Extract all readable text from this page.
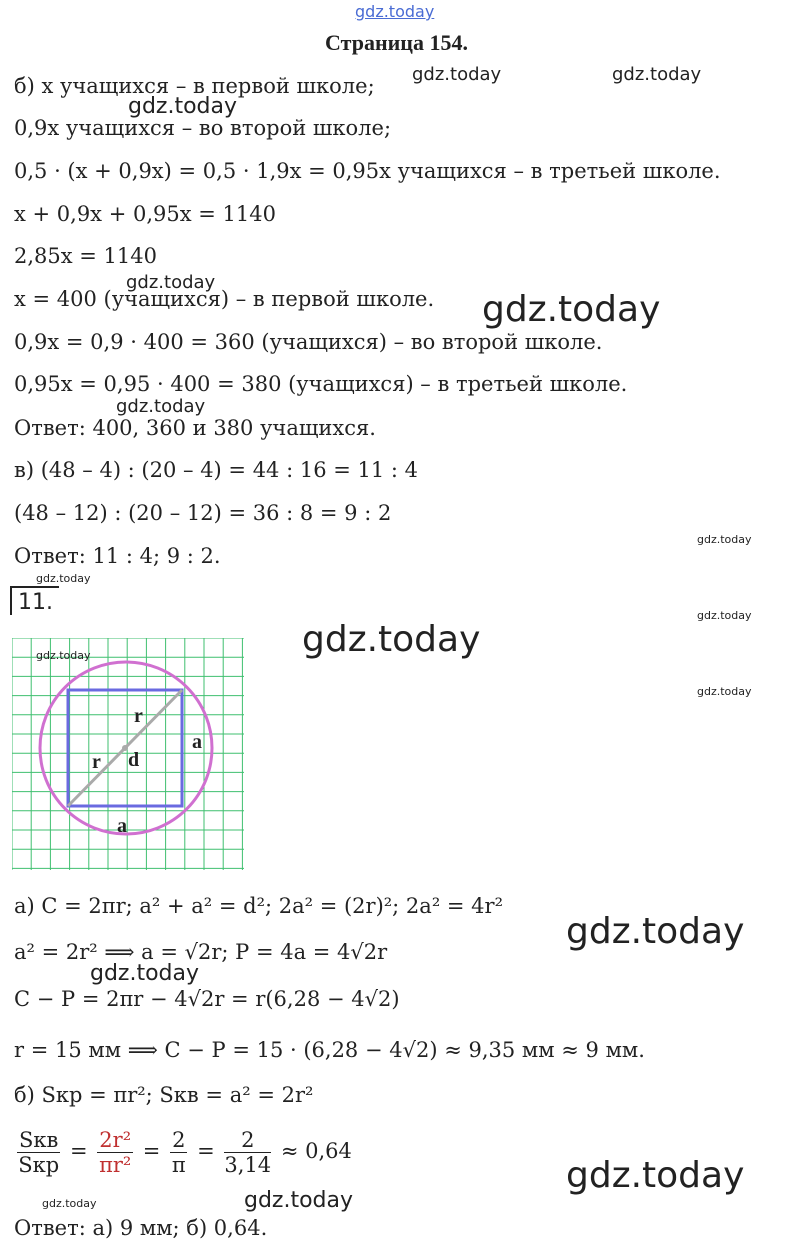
gdz.today
Страница 154.
б) x учащихся – в первой школе;
0,9x учащихся – во второй школе;
0,5 · (x + 0,9x) = 0,5 · 1,9x = 0,95x учащихся – в третьей школе.
x + 0,9x + 0,95x = 1140
2,85x = 1140
x = 400 (учащихся) – в первой школе.
0,9x = 0,9 · 400 = 360 (учащихся) – во второй школе.
0,95x = 0,95 · 400 = 380 (учащихся) – в третьей школе.
Ответ: 400, 360 и 380 учащихся.
в) (48 – 4) : (20 – 4) = 44 : 16 = 11 : 4
(48 – 12) : (20 – 12) = 36 : 8 = 9 : 2
Ответ: 11 : 4; 9 : 2.
11.
r
r d
a
a
а) C = 2πr; a² + a² = d²; 2a² = (2r)²; 2a² = 4r²
a² = 2r² ⟹ a = √2r; P = 4a = 4√2r
C − P = 2πr − 4√2r = r(6,28 − 4√2)
r = 15 мм ⟹ C − P = 15 · (6,28 − 4√2) ≈ 9,35 мм ≈ 9 мм.
б) Sкр = πr²; Sкв = a² = 2r²
$\frac{\text{Sкв}}{\text{Sкр}} = \frac{\text{2r²}}{\text{πr²}} = \frac{2}{\pi} = \frac{2}{3,14} \approx 0,64$
Ответ: а) 9 мм; б) 0,64.
gdz.today	gdz.today
gdz.today
gdz.today
gdz.today
gdz.today
gdz.today
gdz.today
gdz.today
gdz.today
gdz.today
gdz.today
gdz.today
gdz.today
gdz.today
gdz.today
gdz.today
